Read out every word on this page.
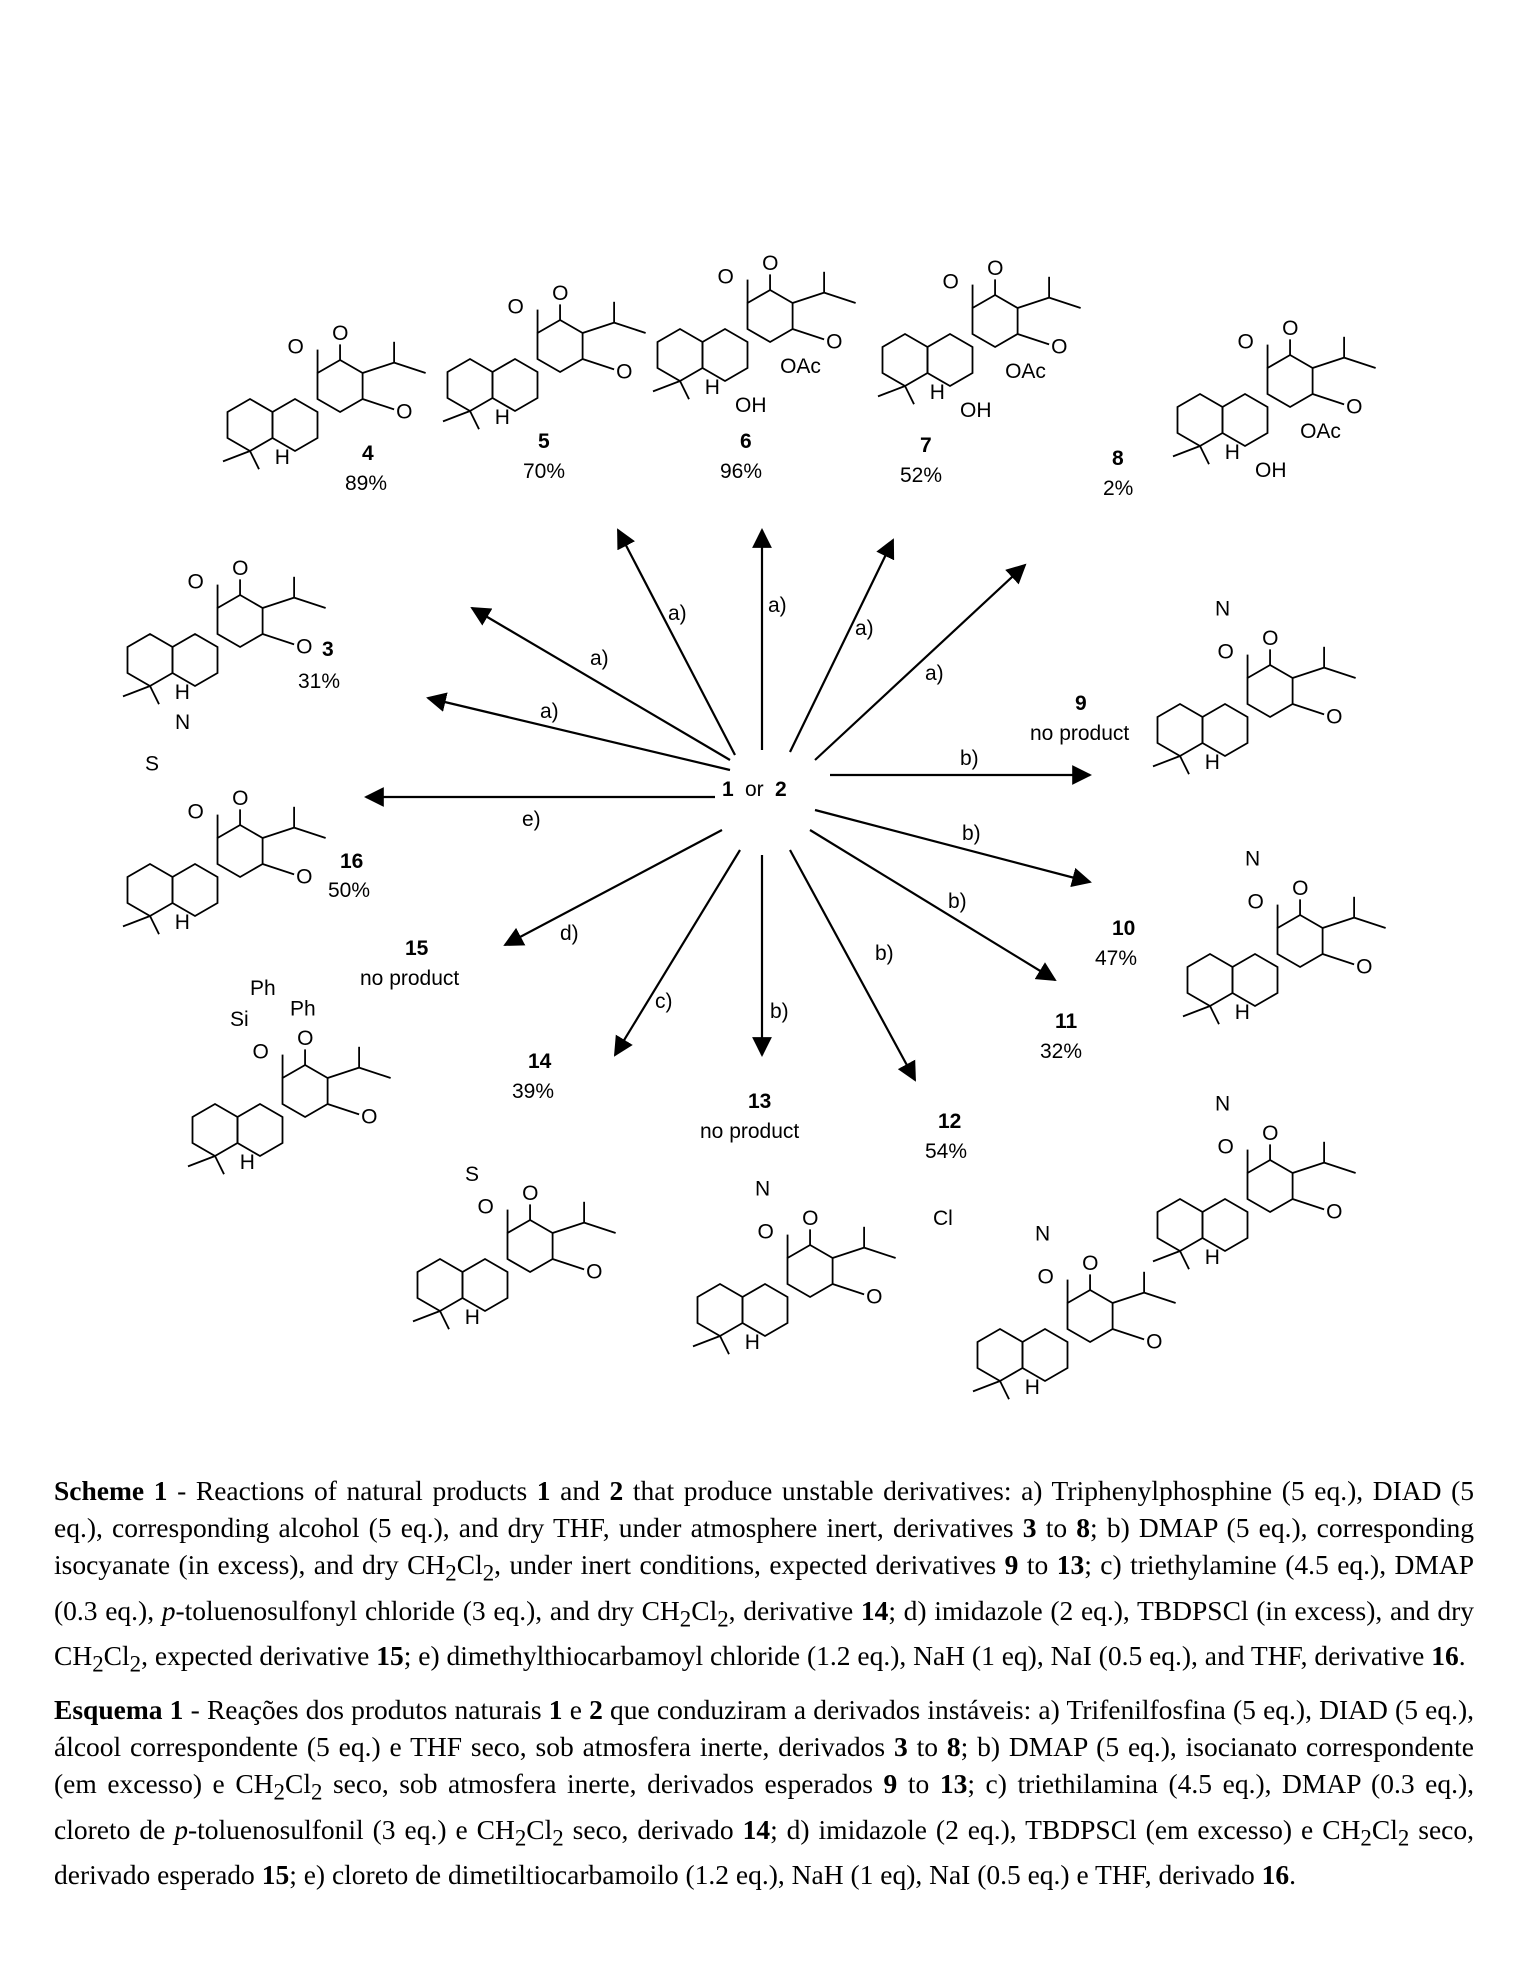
1 or 2
a)
a)
a)	a)
a)
a)
b)
b)
b)
b)
b)
c)
d)
e)
3
31%
4
89%
5
70%
6
96%
7
52%
8
2%
9
no product
10
47%
11
32%
12
54%
13
no product
14
39%
15
no product
16
50%
O
O
O
H
O
O
O
H
O
O
O
H
O
O
O
H
OH
OAc
O
O
O
H
OH
OAc
O
O
O
H
OH
OAc
O
O
O
H
N
O
O
O
H
N
O
O
O
H
N
O
O
O
H
N
Cl
O
O
O
H
N
O
O
O
H
S
O
O
O
H
Si
Ph
Ph
O
O
O
H
S
N
Scheme 1 - Reactions of natural products 1 and 2 that produce unstable derivatives: a) Triphenylphosphine (5 eq.), DIAD (5 eq.), corresponding alcohol (5 eq.), and dry THF, under atmosphere inert, derivatives 3 to 8; b) DMAP (5 eq.), corresponding isocyanate (in excess), and dry $CH_2Cl_2$, under inert conditions, expected derivatives 9 to 13; c) triethylamine (4.5 eq.), DMAP (0.3 eq.), p-toluenosulfonyl chloride (3 eq.), and dry $CH_2Cl_2$, derivative 14; d) imidazole (2 eq.), TBDPSCl (in excess), and dry $CH_2Cl_2$, expected derivative 15; e) dimethylthiocarbamoyl chloride (1.2 eq.), NaH (1 eq), NaI (0.5 eq.), and THF, derivative 16.
Esquema 1 - Reações dos produtos naturais 1 e 2 que conduziram a derivados instáveis: a) Trifenilfosfina (5 eq.), DIAD (5 eq.), álcool correspondente (5 eq.) e THF seco, sob atmosfera inerte, derivados 3 to 8; b) DMAP (5 eq.), isocianato correspondente (em excesso) e $CH_2Cl_2$ seco, sob atmosfera inerte, derivados esperados 9 to 13; c) triethilamina (4.5 eq.), DMAP (0.3 eq.), cloreto de p-toluenosulfonil (3 eq.) e $CH_2Cl_2$ seco, derivado 14; d) imidazole (2 eq.), TBDPSCl (em excesso) e $CH_2Cl_2$ seco, derivado esperado 15; e) cloreto de dimetiltiocarbamoilo (1.2 eq.), NaH (1 eq), NaI (0.5 eq.) e THF, derivado 16.
